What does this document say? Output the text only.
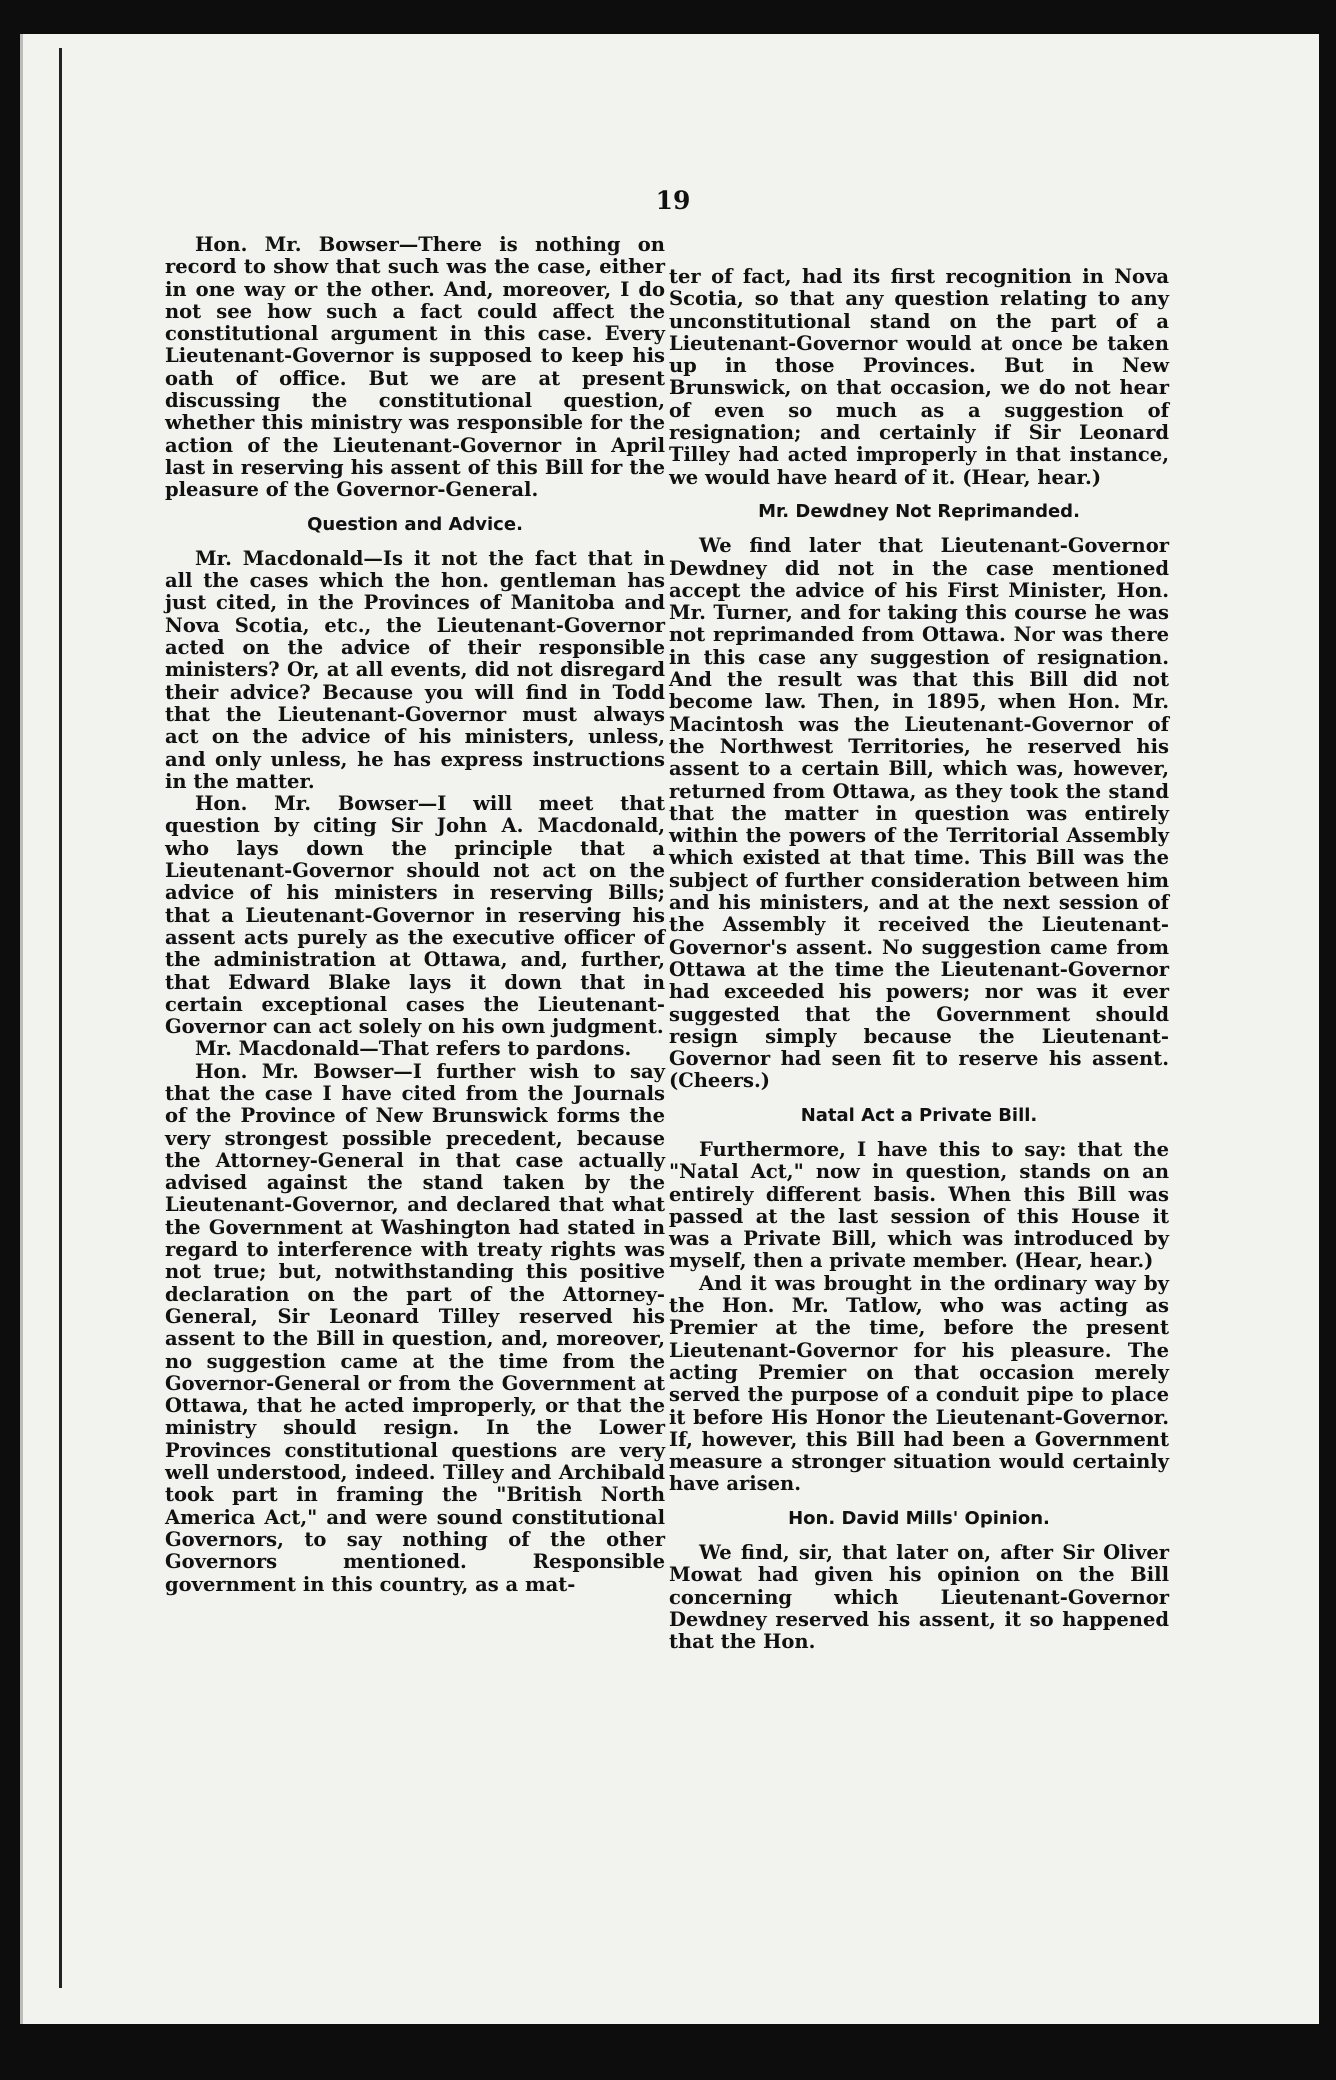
19

Hon. Mr. Bowser—There is nothing on record to show that such was the case, either in one way or the other. And, moreover, I do not see how such a fact could affect the constitutional argument in this case. Every Lieutenant-Governor is supposed to keep his oath of office. But we are at present discussing the constitutional question, whether this ministry was responsible for the action of the Lieutenant-Governor in April last in reserving his assent of this Bill for the pleasure of the Governor-General.

Question and Advice.

Mr. Macdonald—Is it not the fact that in all the cases which the hon. gentleman has just cited, in the Provinces of Manitoba and Nova Scotia, etc., the Lieutenant-Governor acted on the advice of their responsible ministers? Or, at all events, did not disregard their advice? Because you will find in Todd that the Lieutenant-Governor must always act on the advice of his ministers, unless, and only unless, he has express instructions in the matter.

Hon. Mr. Bowser—I will meet that question by citing Sir John A. Macdonald, who lays down the principle that a Lieutenant-Governor should not act on the advice of his ministers in reserving Bills; that a Lieutenant-Governor in reserving his assent acts purely as the executive officer of the administration at Ottawa, and, further, that Edward Blake lays it down that in certain exceptional cases the Lieutenant-Governor can act solely on his own judgment.

Mr. Macdonald—That refers to pardons.

Hon. Mr. Bowser—I further wish to say that the case I have cited from the Journals of the Province of New Brunswick forms the very strongest possible precedent, because the Attorney-General in that case actually advised against the stand taken by the Lieutenant-Governor, and declared that what the Government at Washington had stated in regard to interference with treaty rights was not true; but, notwithstanding this positive declaration on the part of the Attorney-General, Sir Leonard Tilley reserved his assent to the Bill in question, and, moreover, no suggestion came at the time from the Governor-General or from the Government at Ottawa, that he acted improperly, or that the ministry should resign. In the Lower Provinces constitutional questions are very well understood, indeed. Tilley and Archibald took part in framing the "British North America Act," and were sound constitutional Governors, to say nothing of the other Governors mentioned. Responsible government in this country, as a mat-

ter of fact, had its first recognition in Nova Scotia, so that any question relating to any unconstitutional stand on the part of a Lieutenant-Governor would at once be taken up in those Provinces. But in New Brunswick, on that occasion, we do not hear of even so much as a suggestion of resignation; and certainly if Sir Leonard Tilley had acted improperly in that instance, we would have heard of it. (Hear, hear.)

Mr. Dewdney Not Reprimanded.

We find later that Lieutenant-Governor Dewdney did not in the case mentioned accept the advice of his First Minister, Hon. Mr. Turner, and for taking this course he was not reprimanded from Ottawa. Nor was there in this case any suggestion of resignation. And the result was that this Bill did not become law. Then, in 1895, when Hon. Mr. Macintosh was the Lieutenant-Governor of the Northwest Territories, he reserved his assent to a certain Bill, which was, however, returned from Ottawa, as they took the stand that the matter in question was entirely within the powers of the Territorial Assembly which existed at that time. This Bill was the subject of further consideration between him and his ministers, and at the next session of the Assembly it received the Lieutenant-Governor's assent. No suggestion came from Ottawa at the time the Lieutenant-Governor had exceeded his powers; nor was it ever suggested that the Government should resign simply because the Lieutenant-Governor had seen fit to reserve his assent. (Cheers.)

Natal Act a Private Bill.

Furthermore, I have this to say: that the "Natal Act," now in question, stands on an entirely different basis. When this Bill was passed at the last session of this House it was a Private Bill, which was introduced by myself, then a private member. (Hear, hear.)

And it was brought in the ordinary way by the Hon. Mr. Tatlow, who was acting as Premier at the time, before the present Lieutenant-Governor for his pleasure. The acting Premier on that occasion merely served the purpose of a conduit pipe to place it before His Honor the Lieutenant-Governor. If, however, this Bill had been a Government measure a stronger situation would certainly have arisen.

Hon. David Mills' Opinion.

We find, sir, that later on, after Sir Oliver Mowat had given his opinion on the Bill concerning which Lieutenant-Governor Dewdney reserved his assent, it so happened that the Hon.
